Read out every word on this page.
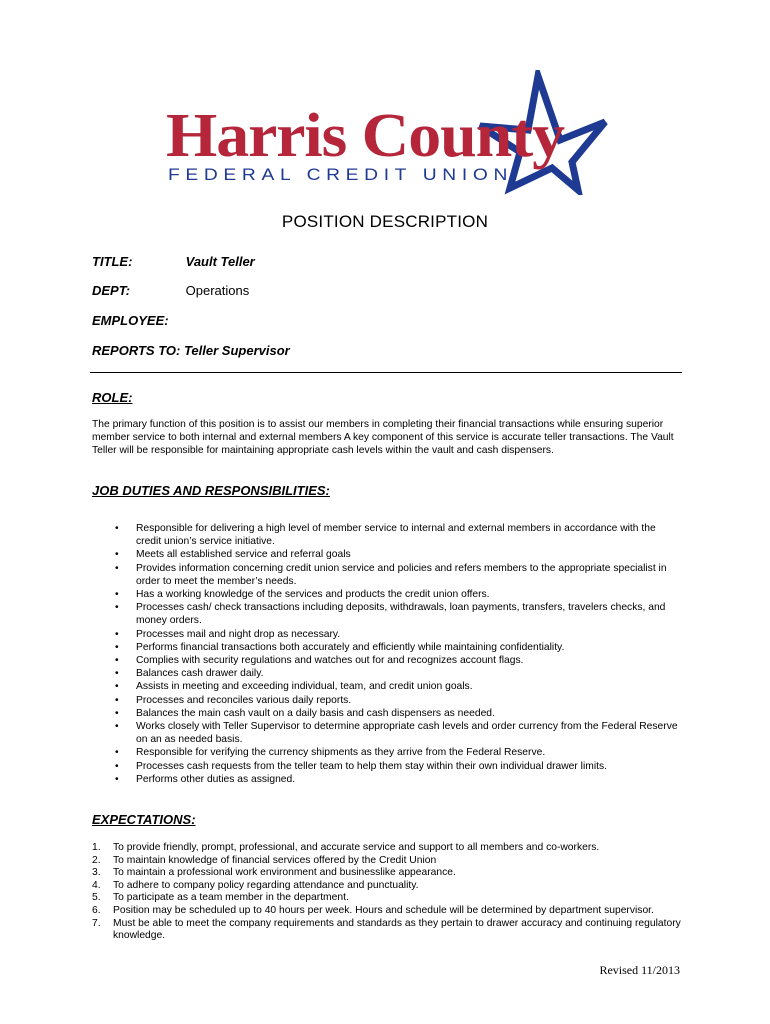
Harris County
FEDERAL CREDIT UNION
POSITION DESCRIPTION
TITLE:	Vault Teller
DEPT:	Operations
EMPLOYEE:
REPORTS TO: Teller Supervisor
ROLE:
The primary function of this position is to assist our members in completing their financial transactions while ensuring superior member service to both internal and external members A key component of this service is accurate teller transactions. The Vault Teller will be responsible for maintaining appropriate cash levels within the vault and cash dispensers.
JOB DUTIES AND RESPONSIBILITIES:
• Responsible for delivering a high level of member service to internal and external members in accordance with the credit union’s service initiative.
• Meets all established service and referral goals
• Provides information concerning credit union service and policies and refers members to the appropriate specialist in order to meet the member’s needs.
• Has a working knowledge of the services and products the credit union offers.
• Processes cash/ check transactions including deposits, withdrawals, loan payments, transfers, travelers checks, and money orders.
• Processes mail and night drop as necessary.
• Performs financial transactions both accurately and efficiently while maintaining confidentiality.
• Complies with security regulations and watches out for and recognizes account flags.
• Balances cash drawer daily.
• Assists in meeting and exceeding individual, team, and credit union goals.
• Processes and reconciles various daily reports.
• Balances the main cash vault on a daily basis and cash dispensers as needed.
• Works closely with Teller Supervisor to determine appropriate cash levels and order currency from the Federal Reserve on an as needed basis.
• Responsible for verifying the currency shipments as they arrive from the Federal Reserve.
• Processes cash requests from the teller team to help them stay within their own individual drawer limits.
• Performs other duties as assigned.
EXPECTATIONS:
1. To provide friendly, prompt, professional, and accurate service and support to all members and co-workers.
2. To maintain knowledge of financial services offered by the Credit Union
3. To maintain a professional work environment and businesslike appearance.
4. To adhere to company policy regarding attendance and punctuality.
5. To participate as a team member in the department.
6. Position may be scheduled up to 40 hours per week. Hours and schedule will be determined by department supervisor.
7. Must be able to meet the company requirements and standards as they pertain to drawer accuracy and continuing regulatory knowledge.
Revised 11/2013
